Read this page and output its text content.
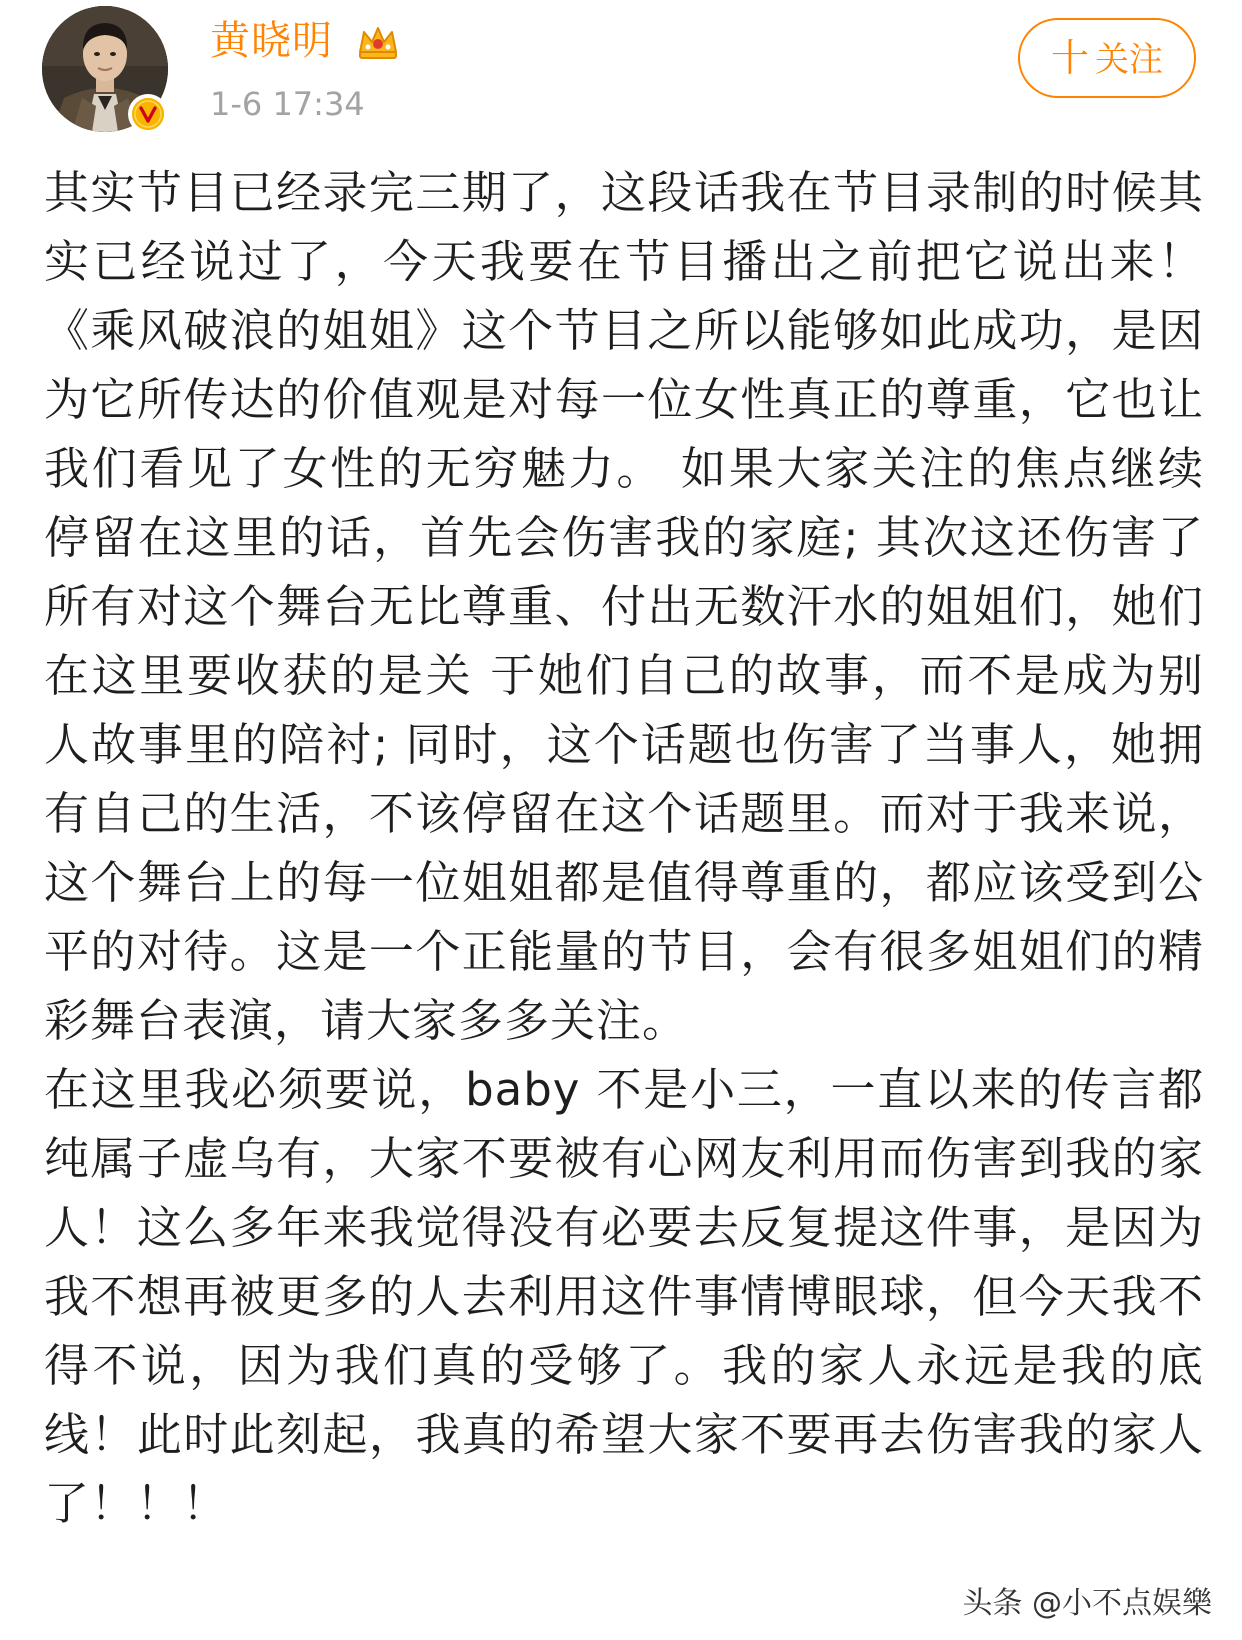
黄晓明
1-6 17:34
十 关注

其实节目已经录完三期了，这段话我在节目录制的时候其实已经说过了，今天我要在节目播出之前把它说出来！《乘风破浪的姐姐》这个节目之所以能够如此成功，是因为它所传达的价值观是对每一位女性真正的尊重，它也让我们看见了女性的无穷魅力。 如果大家关注的焦点继续停留在这里的话，首先会伤害我的家庭; 其次这还伤害了所有对这个舞台无比尊重、付出无数汗水的姐姐们，她们在这里要收获的是关 于她们自己的故事，而不是成为别人故事里的陪衬; 同时，这个话题也伤害了当事人，她拥有自己的生活，不该停留在这个话题里。而对于我来说，这个舞台上的每一位姐姐都是值得尊重的，都应该受到公平的对待。这是一个正能量的节目，会有很多姐姐们的精彩舞台表演，请大家多多关注。

在这里我必须要说，baby 不是小三，一直以来的传言都纯属子虚乌有，大家不要被有心网友利用而伤害到我的家人！这么多年来我觉得没有必要去反复提这件事，是因为我不想再被更多的人去利用这件事情博眼球，但今天我不得不说，因为我们真的受够了。我的家人永远是我的底线！此时此刻起，我真的希望大家不要再去伤害我的家人了！！！

头条 @小不点娱樂
